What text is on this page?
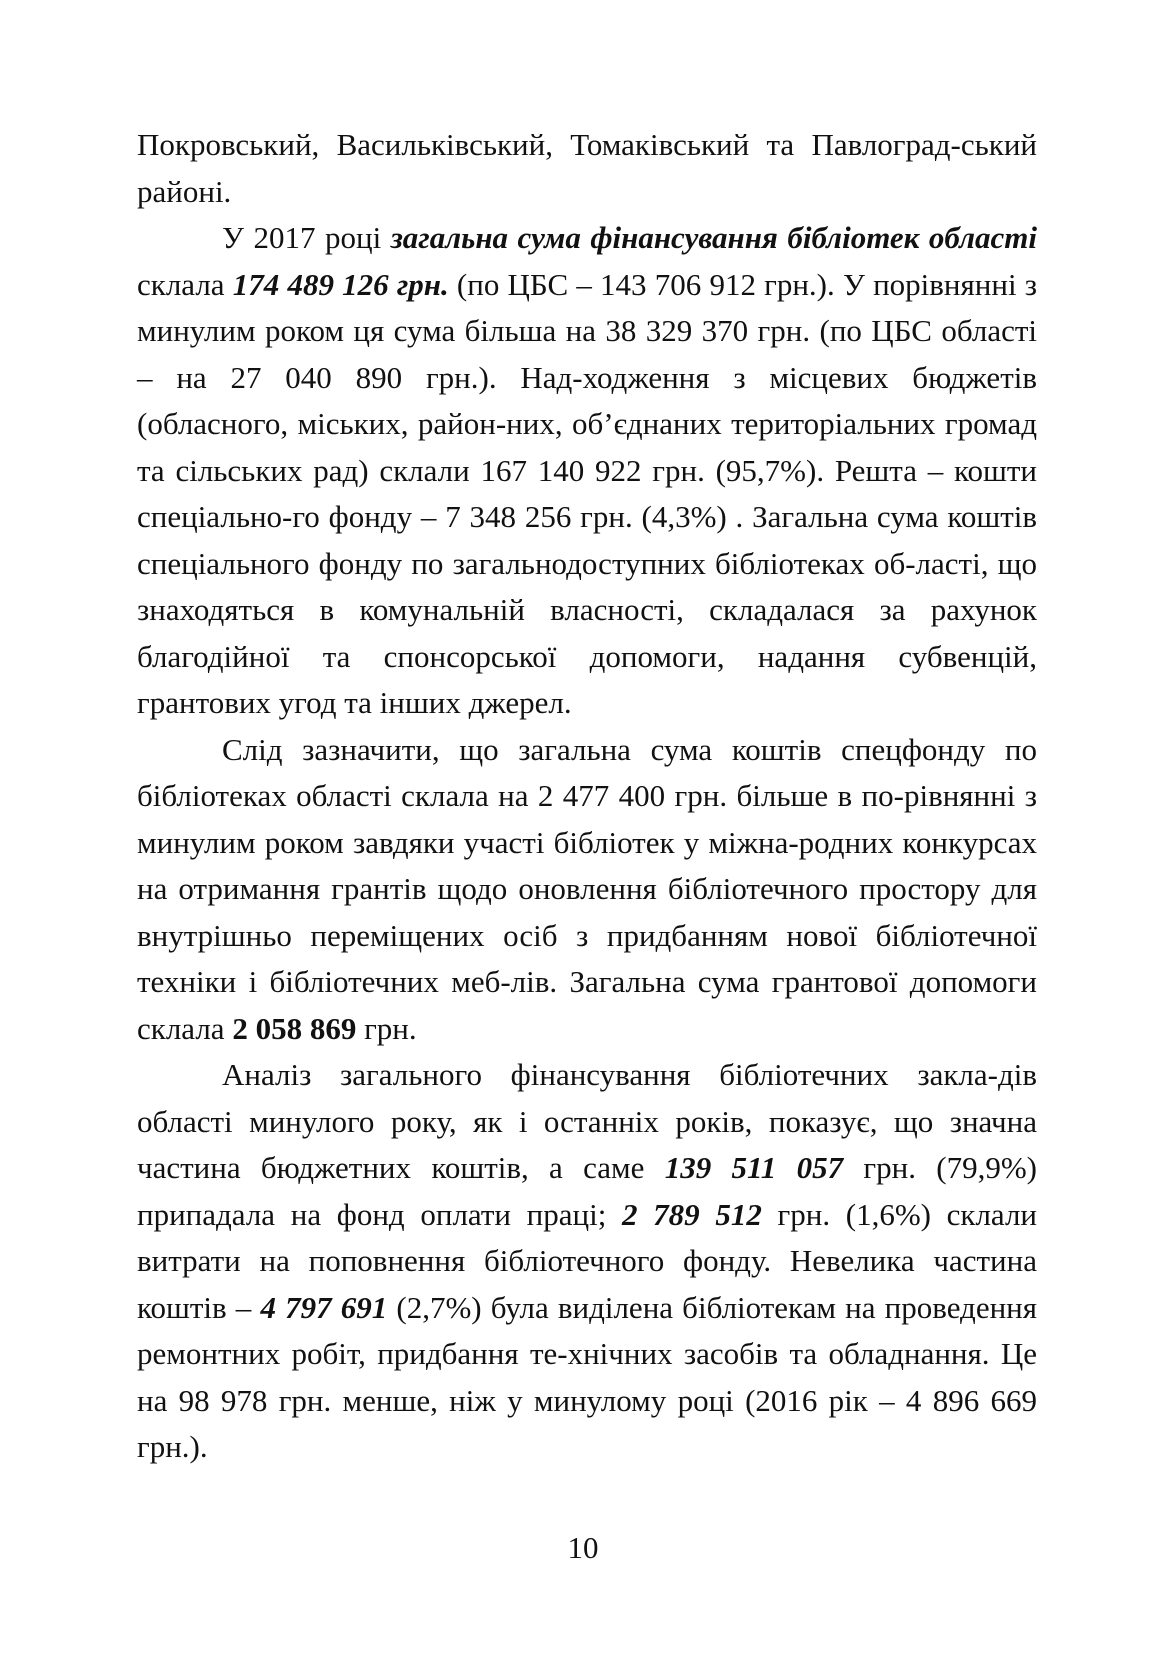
Покровський, Васильківський, Томаківський та Павлоград-ський районі.

У 2017 році загальна сума фінансування бібліотек області склала 174 489 126 грн. (по ЦБС – 143 706 912 грн.). У порівнянні з минулим роком ця сума більша на 38 329 370 грн. (по ЦБС області – на 27 040 890 грн.). Над-ходження з місцевих бюджетів (обласного, міських, район-них, об’єднаних територіальних громад та сільських рад) склали 167 140 922 грн. (95,7%). Решта – кошти спеціально-го фонду – 7 348 256 грн. (4,3%) . Загальна сума коштів спеціального фонду по загальнодоступних бібліотеках об-ласті, що знаходяться в комунальній власності, складалася за рахунок благодійної та спонсорської допомоги, надання субвенцій, грантових угод та інших джерел.

Слід зазначити, що загальна сума коштів спецфонду по бібліотеках області склала на 2 477 400 грн. більше в по-рівнянні з минулим роком завдяки участі бібліотек у міжна-родних конкурсах на отримання грантів щодо оновлення бібліотечного простору для внутрішньо переміщених осіб з придбанням нової бібліотечної техніки і бібліотечних меб-лів. Загальна сума грантової допомоги склала 2 058 869 грн.

Аналіз загального фінансування бібліотечних закла-дів області минулого року, як і останніх років, показує, що значна частина бюджетних коштів, а саме 139 511 057 грн. (79,9%) припадала на фонд оплати праці; 2 789 512 грн. (1,6%) склали витрати на поповнення бібліотечного фонду. Невелика частина коштів – 4 797 691 (2,7%) була виділена бібліотекам на проведення ремонтних робіт, придбання те-хнічних засобів та обладнання. Це на 98 978 грн. менше, ніж у минулому році (2016 рік – 4 896 669 грн.).

10
